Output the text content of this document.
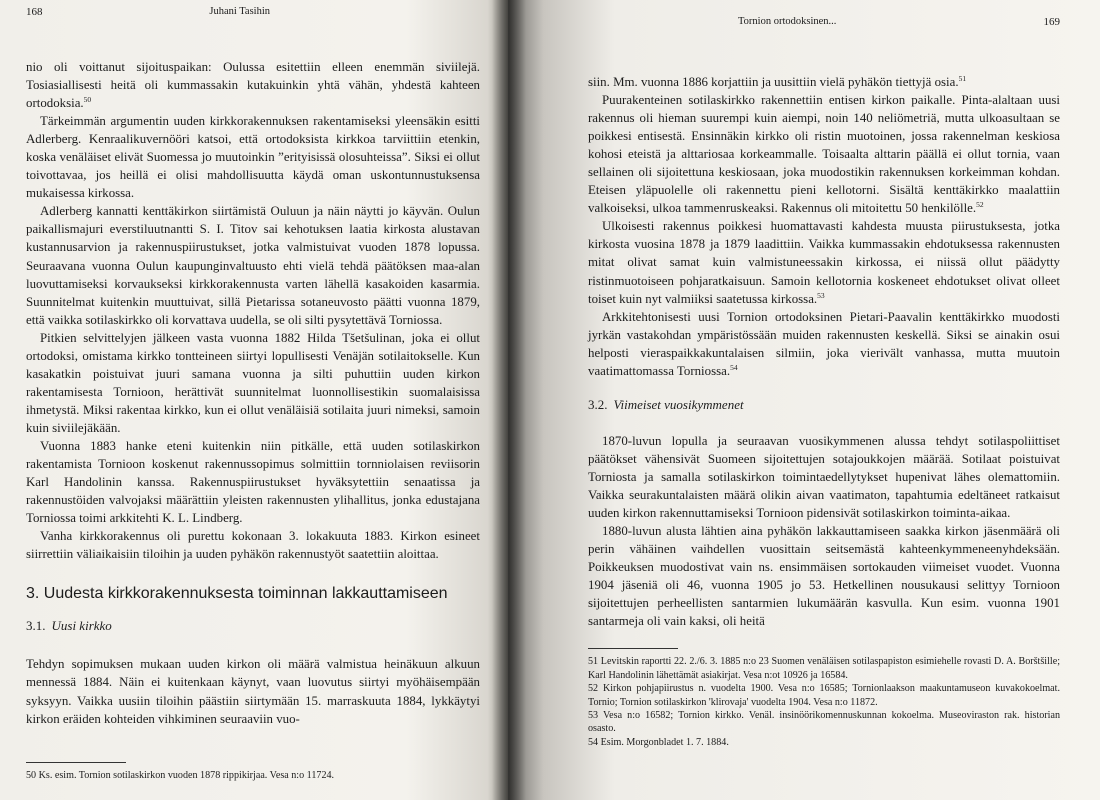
168	Juhani Tasihin

nio oli voittanut sijoituspaikan: Oulussa esitettiin elleen enemmän siviilejä. Tosiasiallisesti heitä oli kummassakin kutakuinkin yhtä vähän, yhdestä kahteen ortodoksia.$^{50}$

Tärkeimmän argumentin uuden kirkkorakennuksen rakentamiseksi yleensäkin esitti Adlerberg. Kenraalikuvernööri katsoi, että ortodoksista kirkkoa tarviittiin etenkin, koska venäläiset elivät Suomessa jo muutoinkin ”erityisissä olosuhteissa”. Siksi ei ollut toivottavaa, jos heillä ei olisi mahdollisuutta käydä oman uskontunnustuksensa mukaisessa kirkossa.

Adlerberg kannatti kenttäkirkon siirtämistä Ouluun ja näin näytti jo käyvän. Oulun paikallismajuri everstiluutnantti S. I. Titov sai kehotuksen laatia kirkosta alustavan kustannusarvion ja rakennuspiirustukset, jotka valmistuivat vuoden 1878 lopussa. Seuraavana vuonna Oulun kaupunginvaltuusto ehti vielä tehdä päätöksen maa-alan luovuttamiseksi korvaukseksi kirkkorakennusta varten lähellä kasakoiden kasarmia. Suunnitelmat kuitenkin muuttuivat, sillä Pietarissa sotaneuvosto päätti vuonna 1879, että vaikka sotilaskirkko oli korvattava uudella, se oli silti pysytettävä Torniossa.

Pitkien selvittelyjen jälkeen vasta vuonna 1882 Hilda Tšetšulinan, joka ei ollut ortodoksi, omistama kirkko tontteineen siirtyi lopullisesti Venäjän sotilaitokselle. Kun kasakatkin poistuivat juuri samana vuonna ja silti puhuttiin uuden kirkon rakentamisesta Tornioon, herättivät suunnitelmat luonnollisestikin suomalaisissa ihmetystä. Miksi rakentaa kirkko, kun ei ollut venäläisiä sotilaita juuri nimeksi, samoin kuin siviilejäkään.

Vuonna 1883 hanke eteni kuitenkin niin pitkälle, että uuden sotilaskirkon rakentamista Tornioon koskenut rakennussopimus solmittiin tornniolaisen reviisorin Karl Handolinin kanssa. Rakennuspiirustukset hyväksytettiin senaatissa ja rakennustöiden valvojaksi määrättiin yleisten rakennusten ylihallitus, jonka edustajana Torniossa toimi arkkitehti K. L. Lindberg.

Vanha kirkkorakennus oli purettu kokonaan 3. lokakuuta 1883. Kirkon esineet siirrettiin väliaikaisiin tiloihin ja uuden pyhäkön rakennustyöt saatettiin aloittaa.

3. Uudesta kirkkorakennuksesta toiminnan lakkauttamiseen
3.1. Uusi kirkko

Tehdyn sopimuksen mukaan uuden kirkon oli määrä valmistua heinäkuun alkuun mennessä 1884. Näin ei kuitenkaan käynyt, vaan luovutus siirtyi myöhäisempään syksyyn. Vaikka uusiin tiloihin päästiin siirtymään 15. marraskuuta 1884, lykkäytyi kirkon eräiden kohteiden vihkiminen seuraaviin vuo-

50 Ks. esim. Tornion sotilaskirkon vuoden 1878 rippikirjaa. Vesa n:o 11724.
Tornion ortodoksinen...	169

siin. Mm. vuonna 1886 korjattiin ja uusittiin vielä pyhäkön tiettyjä osia.$^{51}$

Puurakenteinen sotilaskirkko rakennettiin entisen kirkon paikalle. Pinta-alaltaan uusi rakennus oli hieman suurempi kuin aiempi, noin 140 neliömetriä, mutta ulkoasultaan se poikkesi entisestä. Ensinnäkin kirkko oli ristin muotoinen, jossa rakennelman keskiosa kohosi eteistä ja alttariosaa korkeammalle. Toisaalta alttarin päällä ei ollut tornia, vaan sellainen oli sijoitettuna keskiosaan, joka muodostikin rakennuksen korkeimman kohdan. Eteisen yläpuolelle oli rakennettu pieni kellotorni. Sisältä kenttäkirkko maalattiin valkoiseksi, ulkoa tammenruskeaksi. Rakennus oli mitoitettu 50 henkilölle.$^{52}$

Ulkoisesti rakennus poikkesi huomattavasti kahdesta muusta piirustuksesta, jotka kirkosta vuosina 1878 ja 1879 laadittiin. Vaikka kummassakin ehdotuksessa rakennusten mitat olivat samat kuin valmistuneessakin kirkossa, ei niissä ollut päädytty ristinmuotoiseen pohjaratkaisuun. Samoin kellotornia koskeneet ehdotukset olivat olleet toiset kuin nyt valmiiksi saatetussa kirkossa.$^{53}$

Arkkitehtonisesti uusi Tornion ortodoksinen Pietari-Paavalin kenttäkirkko muodosti jyrkän vastakohdan ympäristössään muiden rakennusten keskellä. Siksi se ainakin osui helposti vieraspaikkakuntalaisen silmiin, joka vierivält vanhassa, mutta muutoin vaatimattomassa Torniossa.$^{54}$

3.2. Viimeiset vuosikymmenet

1870-luvun lopulla ja seuraavan vuosikymmenen alussa tehdyt sotilaspoliittiset päätökset vähensivät Suomeen sijoitettujen sotajoukkojen määrää. Sotilaat poistuivat Torniosta ja samalla sotilaskirkon toimintaedellytykset hupenivat lähes olemattomiin. Vaikka seurakuntalaisten määrä olikin aivan vaatimaton, tapahtumia edeltäneet ratkaisut uuden kirkon rakennuttamiseksi Tornioon pidensivät sotilaskirkon toiminta-aikaa.

1880-luvun alusta lähtien aina pyhäkön lakkauttamiseen saakka kirkon jäsenmäärä oli perin vähäinen vaihdellen vuosittain seitsemästä kahteenkymmeneenyhdeksään. Poikkeuksen muodostivat vain ns. ensimmäisen sortokauden viimeiset vuodet. Vuonna 1904 jäseniä oli 46, vuonna 1905 jo 53. Hetkellinen nousukausi selittyy Tornioon sijoitettujen perheellisten santarmien lukumäärän kasvulla. Kun esim. vuonna 1901 santarmeja oli vain kaksi, oli heitä

51 Levitskin raportti 22. 2./6. 3. 1885 n:o 23 Suomen venäläisen sotilaspapiston esimiehelle rovasti D. A. Borštšille; Karl Handolinin lähettämät asiakirjat. Vesa n:ot 10926 ja 16584.
52 Kirkon pohjapiirustus n. vuodelta 1900. Vesa n:o 16585; Tornionlaakson maakuntamuseon kuvakokoelmat. Tornio; Tornion sotilaskirkon 'klirovaja' vuodelta 1904. Vesa n:o 11872.
53 Vesa n:o 16582; Tornion kirkko. Venäl. insinöörikomennuskunnan kokoelma. Museoviraston rak. historian osasto.
54 Esim. Morgonbladet 1. 7. 1884.
